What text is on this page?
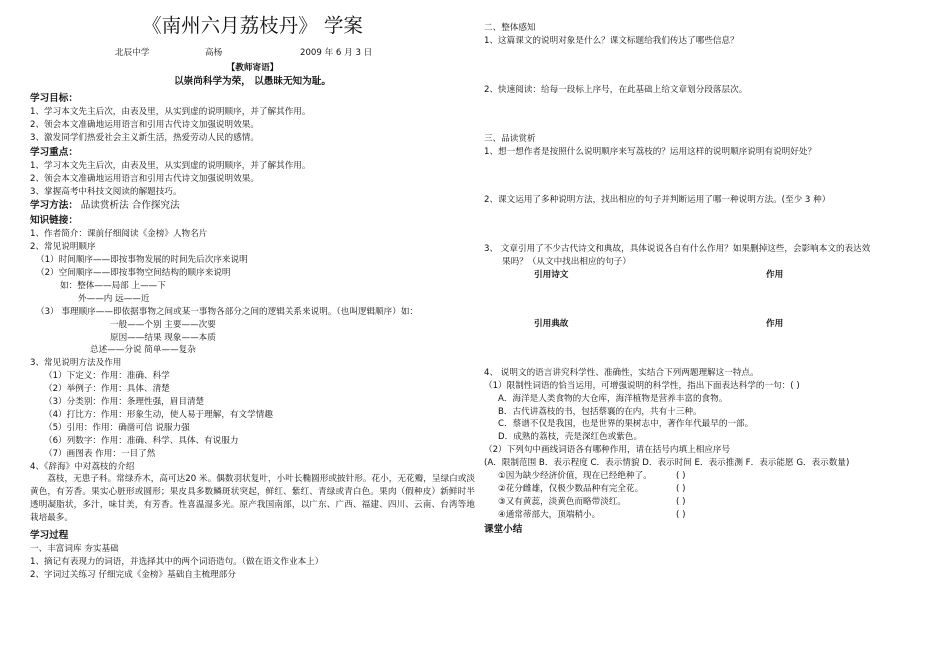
《南州六月荔枝丹》 学案
北辰中学	高杨	2009 年 6 月 3 日
【教师寄语】
以崇尚科学为荣， 以愚昧无知为耻。
学习目标：
1、学习本文先主后次，由表及里，从实到虚的说明顺序，并了解其作用。
2、领会本文准确地运用语言和引用古代诗文加强说明效果。
3、激发同学们热爱社会主义新生活，热爱劳动人民的感情。
学习重点：
1、学习本文先主后次，由表及里，从实到虚的说明顺序，并了解其作用。
2、领会本文准确地运用语言和引用古代诗文加强说明效果。
3、掌握高考中科技文阅读的解题技巧。
学习方法： 品读赏析法 合作探究法
知识链接：
1、作者简介：课前仔细阅读《金榜》人物名片
2、常见说明顺序
（1）时间顺序——即按事物发展的时间先后次序来说明
（2）空间顺序——即按事物空间结构的顺序来说明
如：整体——局部 上——下
外——内 远——近
（3） 事理顺序——即依据事物之间或某一事物各部分之间的逻辑关系来说明。（也叫逻辑顺序）如：
一般——个别 主要——次要
原因——结果 现象——本质
总述——分说 简单——复杂
3、常见说明方法及作用
（1）下定义：作用：准确、科学
（2）举例子：作用：具体、清楚
（3）分类别：作用：条理性强，眉目清楚
（4）打比方：作用：形象生动，使人易于理解，有文学情趣
（5）引用：作用：确凿可信 说服力强
（6）列数字：作用：准确、科学、具体、有说服力
（7）画图表 作用：一目了然
4、《辞海》中对荔枝的介绍
荔枝，无患子科。常绿乔木，高可达20 米。偶数羽状复叶，小叶长椭圆形或披针形。花小，无花瓣，呈绿白或淡黄色，有芳香。果实心脏形或圆形；果皮具多数鳞斑状突起，鲜红、紫红、青绿或青白色。果肉（假种皮）新鲜时半透明凝脂状，多汁，味甘美，有芳香。性喜温湿多光。原产我国南部，以广东、广西、福建、四川、云南、台湾等地栽培最多。
学习过程
一、丰富词库 夯实基础
1、摘记有表现力的词语，并选择其中的两个词语造句。（做在语文作业本上）
2、字词过关练习 仔细完成《金榜》基础自主梳理部分
二、整体感知
1、这篇课文的说明对象是什么？课文标题给我们传达了哪些信息？
2、快速阅读：给每一段标上序号，在此基础上给文章划分段落层次。
三、品读赏析
1、想一想作者是按照什么说明顺序来写荔枝的？运用这样的说明顺序说明有说明好处？
2、课文运用了多种说明方法，找出相应的句子并判断运用了哪一种说明方法。(至少 3 种）
3、 文章引用了不少古代诗文和典故，具体说说各自有什么作用？如果删掉这些，会影响本文的表达效
果吗？（从文中找出相应的句子）
引用诗文	作用
引用典故	作用
4、 说明文的语言讲究科学性、准确性，实结合下列两题理解这一特点。
（1）限制性词语的恰当运用，可增强说明的科学性，指出下面表达科学的一句：( )
A．海洋是人类食物的大仓库，海洋植物是营养丰富的食物。
B．古代讲荔枝的书，包括蔡襄的在内，共有十三种。
C．蔡谱不仅是我国，也是世界的果树志中，著作年代最早的一部。
D．成熟的荔枝，壳是深红色或紫色。
（2）下列句中画线词语各有哪种作用，请在括号内填上相应序号
(A．限制范围 B．表示程度 C．表示情貌 D．表示时间 E．表示推测 F．表示能愿 G．表示数量)
①因为缺少经济价值，现在已经绝种了。	( )
②花分雌雄，仅极少数品种有完全花。	( )
③又有黄蕊，淡黄色而略带淡红。	( )
④通常蒂部大，顶端稍小。	( )
课堂小结
